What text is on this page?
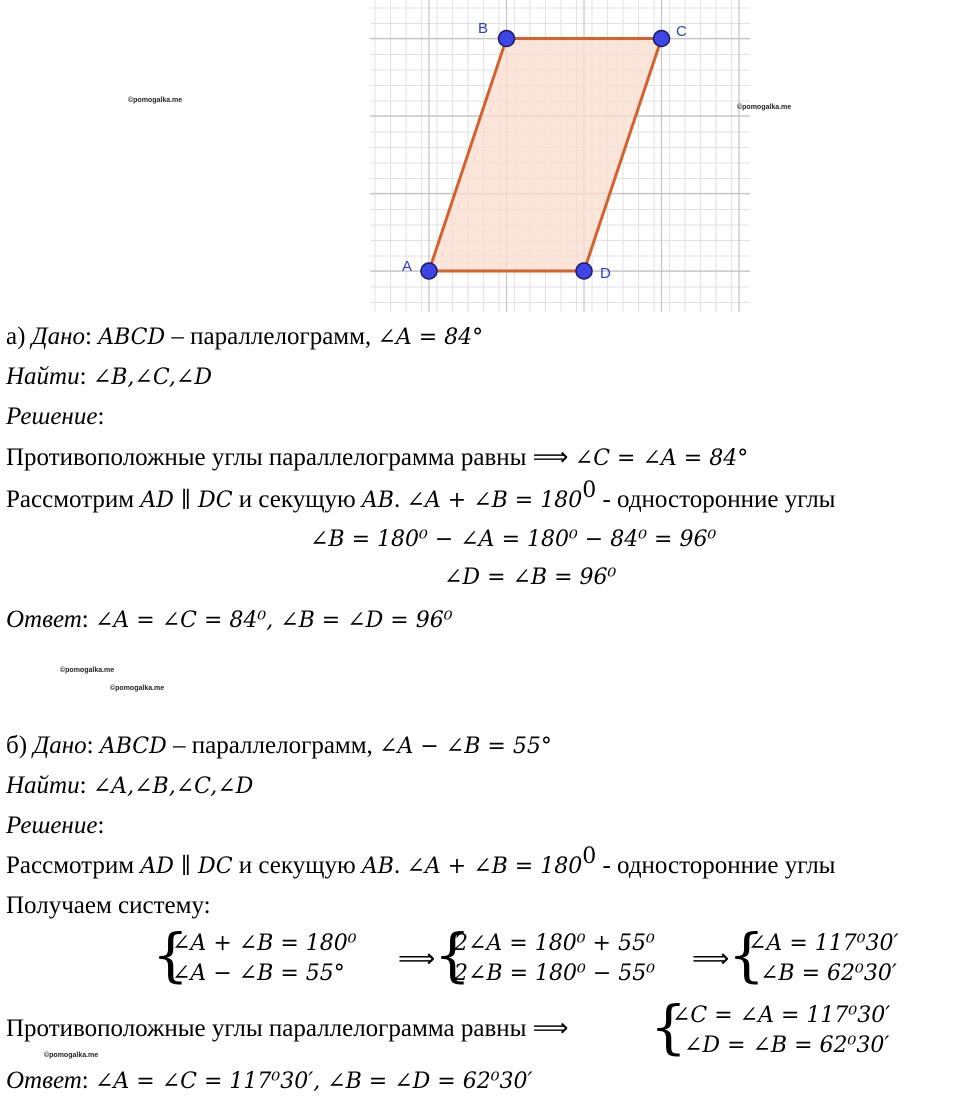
A
B	C
D
©pomogalka.me
©pomogalka.me
©pomogalka.me
©pomogalka.me
©pomogalka.me
а) Дано: ABCD – параллелограмм, ∠A = 84°
Найти: ∠B,∠C,∠D
Решение:
Противоположные углы параллелограмма равны ⟹ ∠C = ∠A = 84°
Рассмотрим AD ∥ DC и секущую AB. ∠A + ∠B = $180^0$ - односторонние углы
∠B = 180⁰ − ∠A = 180⁰ − 84⁰ = 96⁰
∠D = ∠B = 96⁰
Ответ: ∠A = ∠C = 84⁰, ∠B = ∠D = 96⁰
б) Дано: ABCD – параллелограмм, ∠A − ∠B = 55°
Найти: ∠A,∠B,∠C,∠D
Решение:
Рассмотрим AD ∥ DC и секущую AB. ∠A + ∠B = $180^0$ - односторонние углы
Получаем систему:
{
∠A + ∠B = 180⁰
∠A − ∠B = 55° ⟹
{
2∠A = 180⁰ + 55⁰
2∠B = 180⁰ − 55⁰ ⟹
{
∠A = 117⁰30′
∠B = 62⁰30′
Противоположные углы параллелограмма равны ⟹ {
∠C = ∠A = 117⁰30′
∠D = ∠B = 62⁰30′
Ответ: ∠A = ∠C = 117⁰30′, ∠B = ∠D = 62⁰30′
